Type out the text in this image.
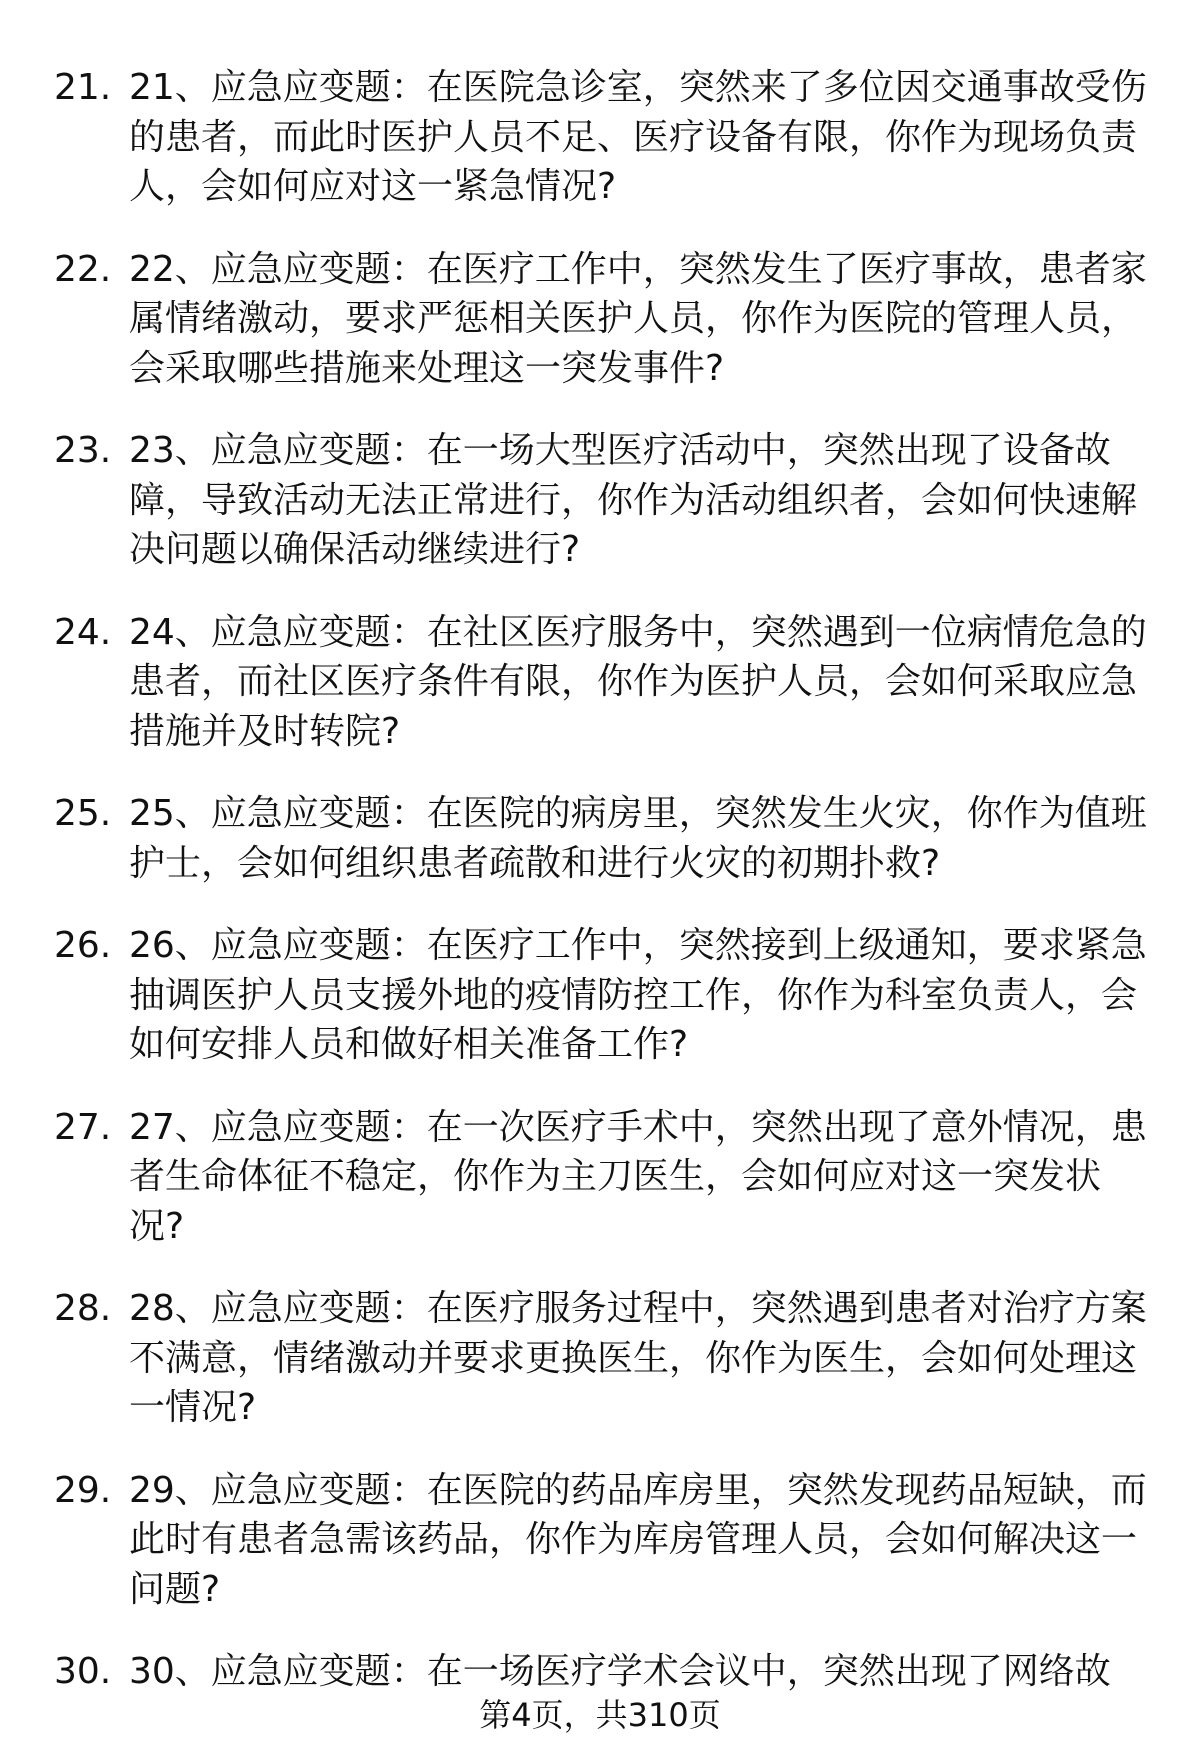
21. 21、应急应变题：在医院急诊室，突然来了多位因交通事故受伤
的患者，而此时医护人员不足、医疗设备有限，你作为现场负责
人，会如何应对这一紧急情况?
22. 22、应急应变题：在医疗工作中，突然发生了医疗事故，患者家
属情绪激动，要求严惩相关医护人员，你作为医院的管理人员，
会采取哪些措施来处理这一突发事件?
23. 23、应急应变题：在一场大型医疗活动中，突然出现了设备故
障，导致活动无法正常进行，你作为活动组织者，会如何快速解
决问题以确保活动继续进行?
24. 24、应急应变题：在社区医疗服务中，突然遇到一位病情危急的
患者，而社区医疗条件有限，你作为医护人员，会如何采取应急
措施并及时转院?
25. 25、应急应变题：在医院的病房里，突然发生火灾，你作为值班
护士，会如何组织患者疏散和进行火灾的初期扑救?
26. 26、应急应变题：在医疗工作中，突然接到上级通知，要求紧急
抽调医护人员支援外地的疫情防控工作，你作为科室负责人，会
如何安排人员和做好相关准备工作?
27. 27、应急应变题：在一次医疗手术中，突然出现了意外情况，患
者生命体征不稳定，你作为主刀医生，会如何应对这一突发状
况?
28. 28、应急应变题：在医疗服务过程中，突然遇到患者对治疗方案
不满意，情绪激动并要求更换医生，你作为医生，会如何处理这
一情况?
29. 29、应急应变题：在医院的药品库房里，突然发现药品短缺，而
此时有患者急需该药品，你作为库房管理人员，会如何解决这一
问题?
30. 30、应急应变题：在一场医疗学术会议中，突然出现了网络故
第4页，共310页
